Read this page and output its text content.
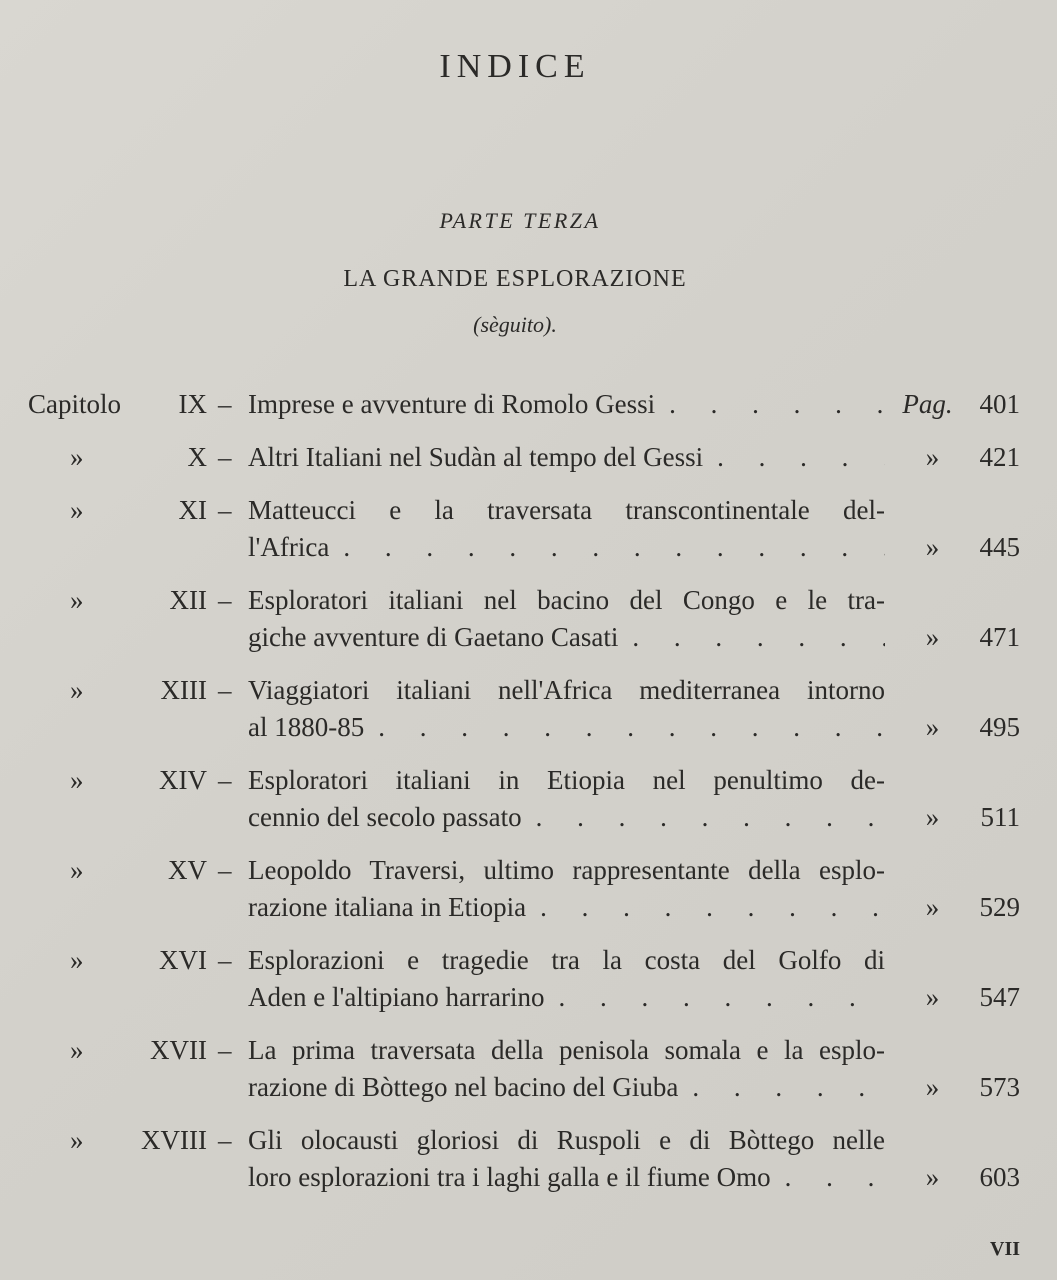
INDICE
PARTE TERZA
LA GRANDE ESPLORAZIONE
(sèguito).
Capitolo IX – Imprese e avventure di Romolo Gessi . . .	Pag. 401
»	X – Altri Italiani nel Sudàn al tempo del Gessi . . .	»	421
»	XI – Matteucci e la traversata transcontinentale del-
l'Africa . . .	»	445
»	XII – Esploratori italiani nel bacino del Congo e le tra-
giche avventure di Gaetano Casati . . .	»	471
»	XIII – Viaggiatori italiani nell'Africa mediterranea intorno
al 1880-85 . . .	»	495
»	XIV – Esploratori italiani in Etiopia nel penultimo de-
cennio del secolo passato . . .	»	511
»	XV – Leopoldo Traversi, ultimo rappresentante della esplo-
razione italiana in Etiopia . . .	»	529
»	XVI – Esplorazioni e tragedie tra la costa del Golfo di
Aden e l'altipiano harrarino . . .	»	547
» XVII – La prima traversata della penisola somala e la esplo-
razione di Bòttego nel bacino del Giuba . . .	»	573
» XVIII – Gli olocausti gloriosi di Ruspoli e di Bòttego nelle
loro esplorazioni tra i laghi galla e il fiume Omo . . .	»	603
VII
